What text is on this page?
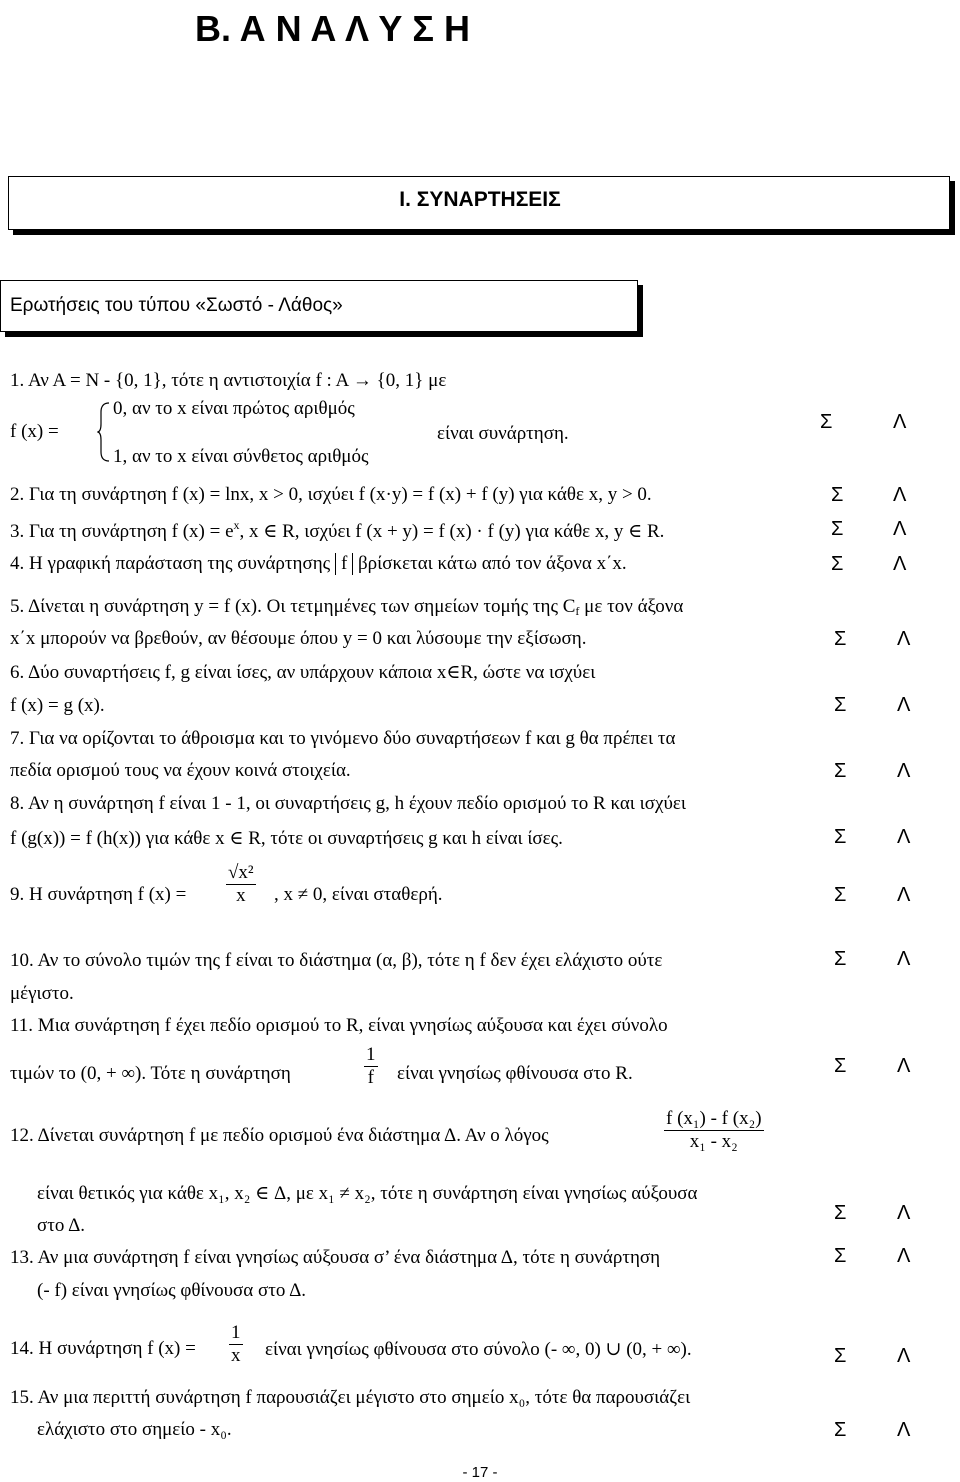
Β. Α Ν Α Λ Υ Σ Η
Ι. ΣΥΝΑΡΤΗΣΕΙΣ
Ερωτήσεις του τύπου «Σωστό - Λάθος»
1. Αν Α = Ν - {0, 1}, τότε η αντιστοιχία f : A → {0, 1} με
f (x) =
0, αν το x είναι πρώτος αριθμός
1, αν το x είναι σύνθετος αριθμός
είναι συνάρτηση.
Σ	Λ
2. Για τη συνάρτηση f (x) = lnx, x > 0, ισχύει f (x·y) = f (x) + f (y) για κάθε x, y > 0.	Σ Λ
3. Για τη συνάρτηση f $(x) = e^x$, x ∈ R, ισχύει f (x + y) = f (x) · f (y) για κάθε x, y ∈ R.	Σ Λ
4. Η γραφική παράσταση της συνάρτησης f βρίσκεται κάτω από τον άξονα x΄x.	Σ Λ
5. Δίνεται η συνάρτηση y = f (x). Οι τετμημένες των σημείων τομής της $C_f$ με τον άξονα
x΄x μπορούν να βρεθούν, αν θέσουμε όπου y = 0 και λύσουμε την εξίσωση.	Σ	Λ
6. Δύο συναρτήσεις f, g είναι ίσες, αν υπάρχουν κάποια x∈R, ώστε να ισχύει
f (x) = g (x).	Σ	Λ
7. Για να ορίζονται το άθροισμα και το γινόμενο δύο συναρτήσεων f και g θα πρέπει τα
πεδία ορισμού τους να έχουν κοινά στοιχεία.	Σ	Λ
8. Αν η συνάρτηση f είναι 1 - 1, οι συναρτήσεις g, h έχουν πεδίο ορισμού το R και ισχύει
f (g(x)) = f (h(x)) για κάθε x ∈ R, τότε οι συναρτήσεις g και h είναι ίσες.	Σ	Λ
9. Η συνάρτηση f $(x) = \frac{\text{√x²}}{x}$ , x ≠ 0, είναι σταθερή.	Σ	Λ
10. Αν το σύνολο τιμών της f είναι το διάστημα (α, β), τότε η f δεν έχει ελάχιστο ούτε
μέγιστο.
Σ	Λ
11. Μια συνάρτηση f έχει πεδίο ορισμού το R, είναι γνησίως αύξουσα και έχει σύνολο
τιμών το (0, + ∞). Τότε η συνάρτηση	$\frac{1}{f}$ είναι γνησίως φθίνουσα στο R.	Σ	Λ
12. Δίνεται συνάρτηση f με πεδίο ορισμού ένα διάστημα Δ. Αν ο λόγος	$\frac{\text{f (x₁) - f (x₂)}}{\text{x₁ - x₂}}$
είναι θετικός για κάθε x₁, x₂ ∈ Δ, με x₁ ≠ x₂, τότε η συνάρτηση είναι γνησίως αύξουσα
στο Δ.
Σ	Λ
13. Αν μια συνάρτηση f είναι γνησίως αύξουσα σ’ ένα διάστημα Δ, τότε η συνάρτηση
(- f) είναι γνησίως φθίνουσα στο Δ.
Σ	Λ
14. Η συνάρτηση f $(x) = \frac{1}{x}$ είναι γνησίως φθίνουσα στο σύνολο (- ∞, 0) ∪ (0, + ∞).	Σ	Λ
15. Αν μια περιττή συνάρτηση f παρουσιάζει μέγιστο στο σημείο x₀, τότε θα παρουσιάζει
ελάχιστο στο σημείο - x₀.	Σ	Λ
- 17 -
